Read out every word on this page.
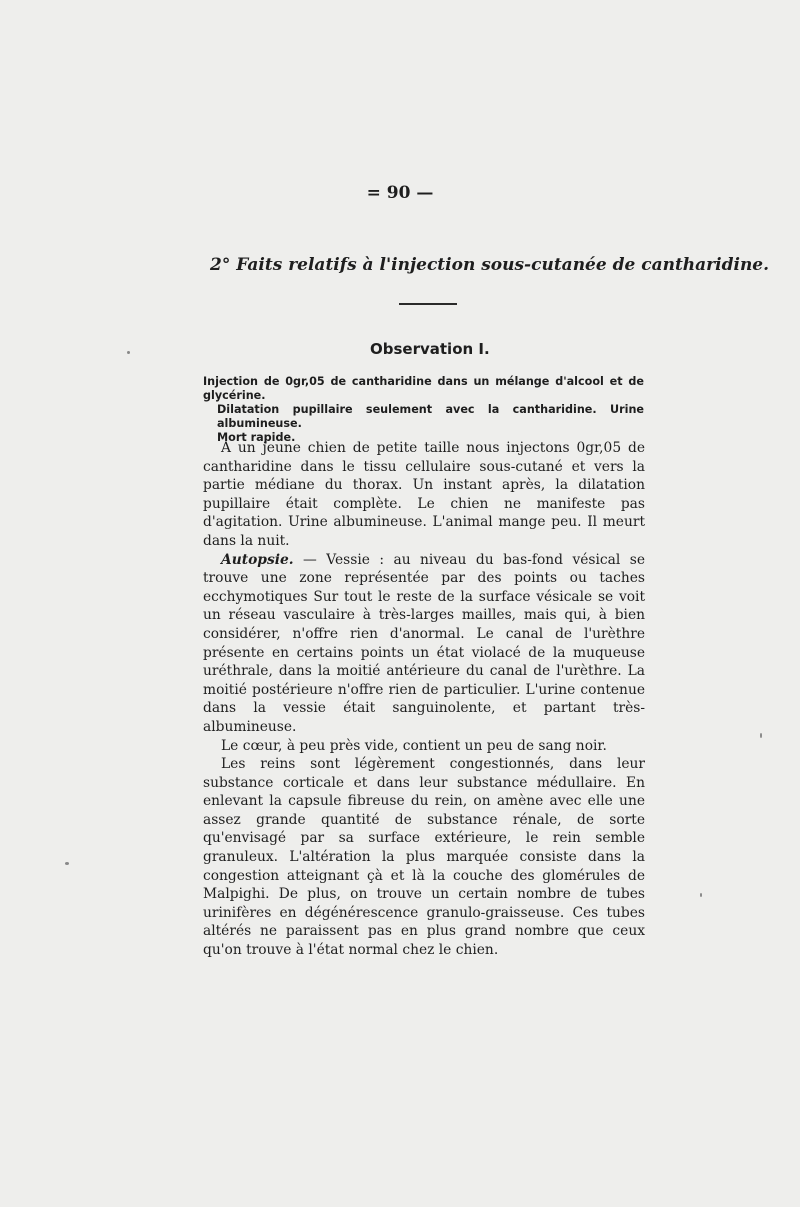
= 90 —
2° Faits relatifs à l'injection sous-cutanée de cantharidine.
Observation I.
Injection de 0gr,05 de cantharidine dans un mélange d'alcool et de glycérine.
Dilatation pupillaire seulement avec la cantharidine. Urine albumineuse.
Mort rapide.

A un jeune chien de petite taille nous injectons 0gr,05 de cantharidine dans le tissu cellulaire sous-cutané et vers la partie médiane du thorax. Un instant après, la dilatation pupillaire était complète. Le chien ne manifeste pas d'agitation. Urine albumineuse. L'animal mange peu. Il meurt dans la nuit.

Autopsie. — Vessie : au niveau du bas-fond vésical se trouve une zone représentée par des points ou taches ecchymotiques Sur tout le reste de la surface vésicale se voit un réseau vasculaire à très-larges mailles, mais qui, à bien considérer, n'offre rien d'anormal. Le canal de l'urèthre présente en certains points un état violacé de la muqueuse uréthrale, dans la moitié antérieure du canal de l'urèthre. La moitié postérieure n'offre rien de particulier. L'urine contenue dans la vessie était sanguinolente, et partant très-albumineuse.

Le cœur, à peu près vide, contient un peu de sang noir.

Les reins sont légèrement congestionnés, dans leur substance corticale et dans leur substance médullaire. En enlevant la capsule fibreuse du rein, on amène avec elle une assez grande quantité de substance rénale, de sorte qu'envisagé par sa surface extérieure, le rein semble granuleux. L'altération la plus marquée consiste dans la congestion atteignant çà et là la couche des glomérules de Malpighi. De plus, on trouve un certain nombre de tubes urinifères en dégénérescence granulo-graisseuse. Ces tubes altérés ne paraissent pas en plus grand nombre que ceux qu'on trouve à l'état normal chez le chien.
